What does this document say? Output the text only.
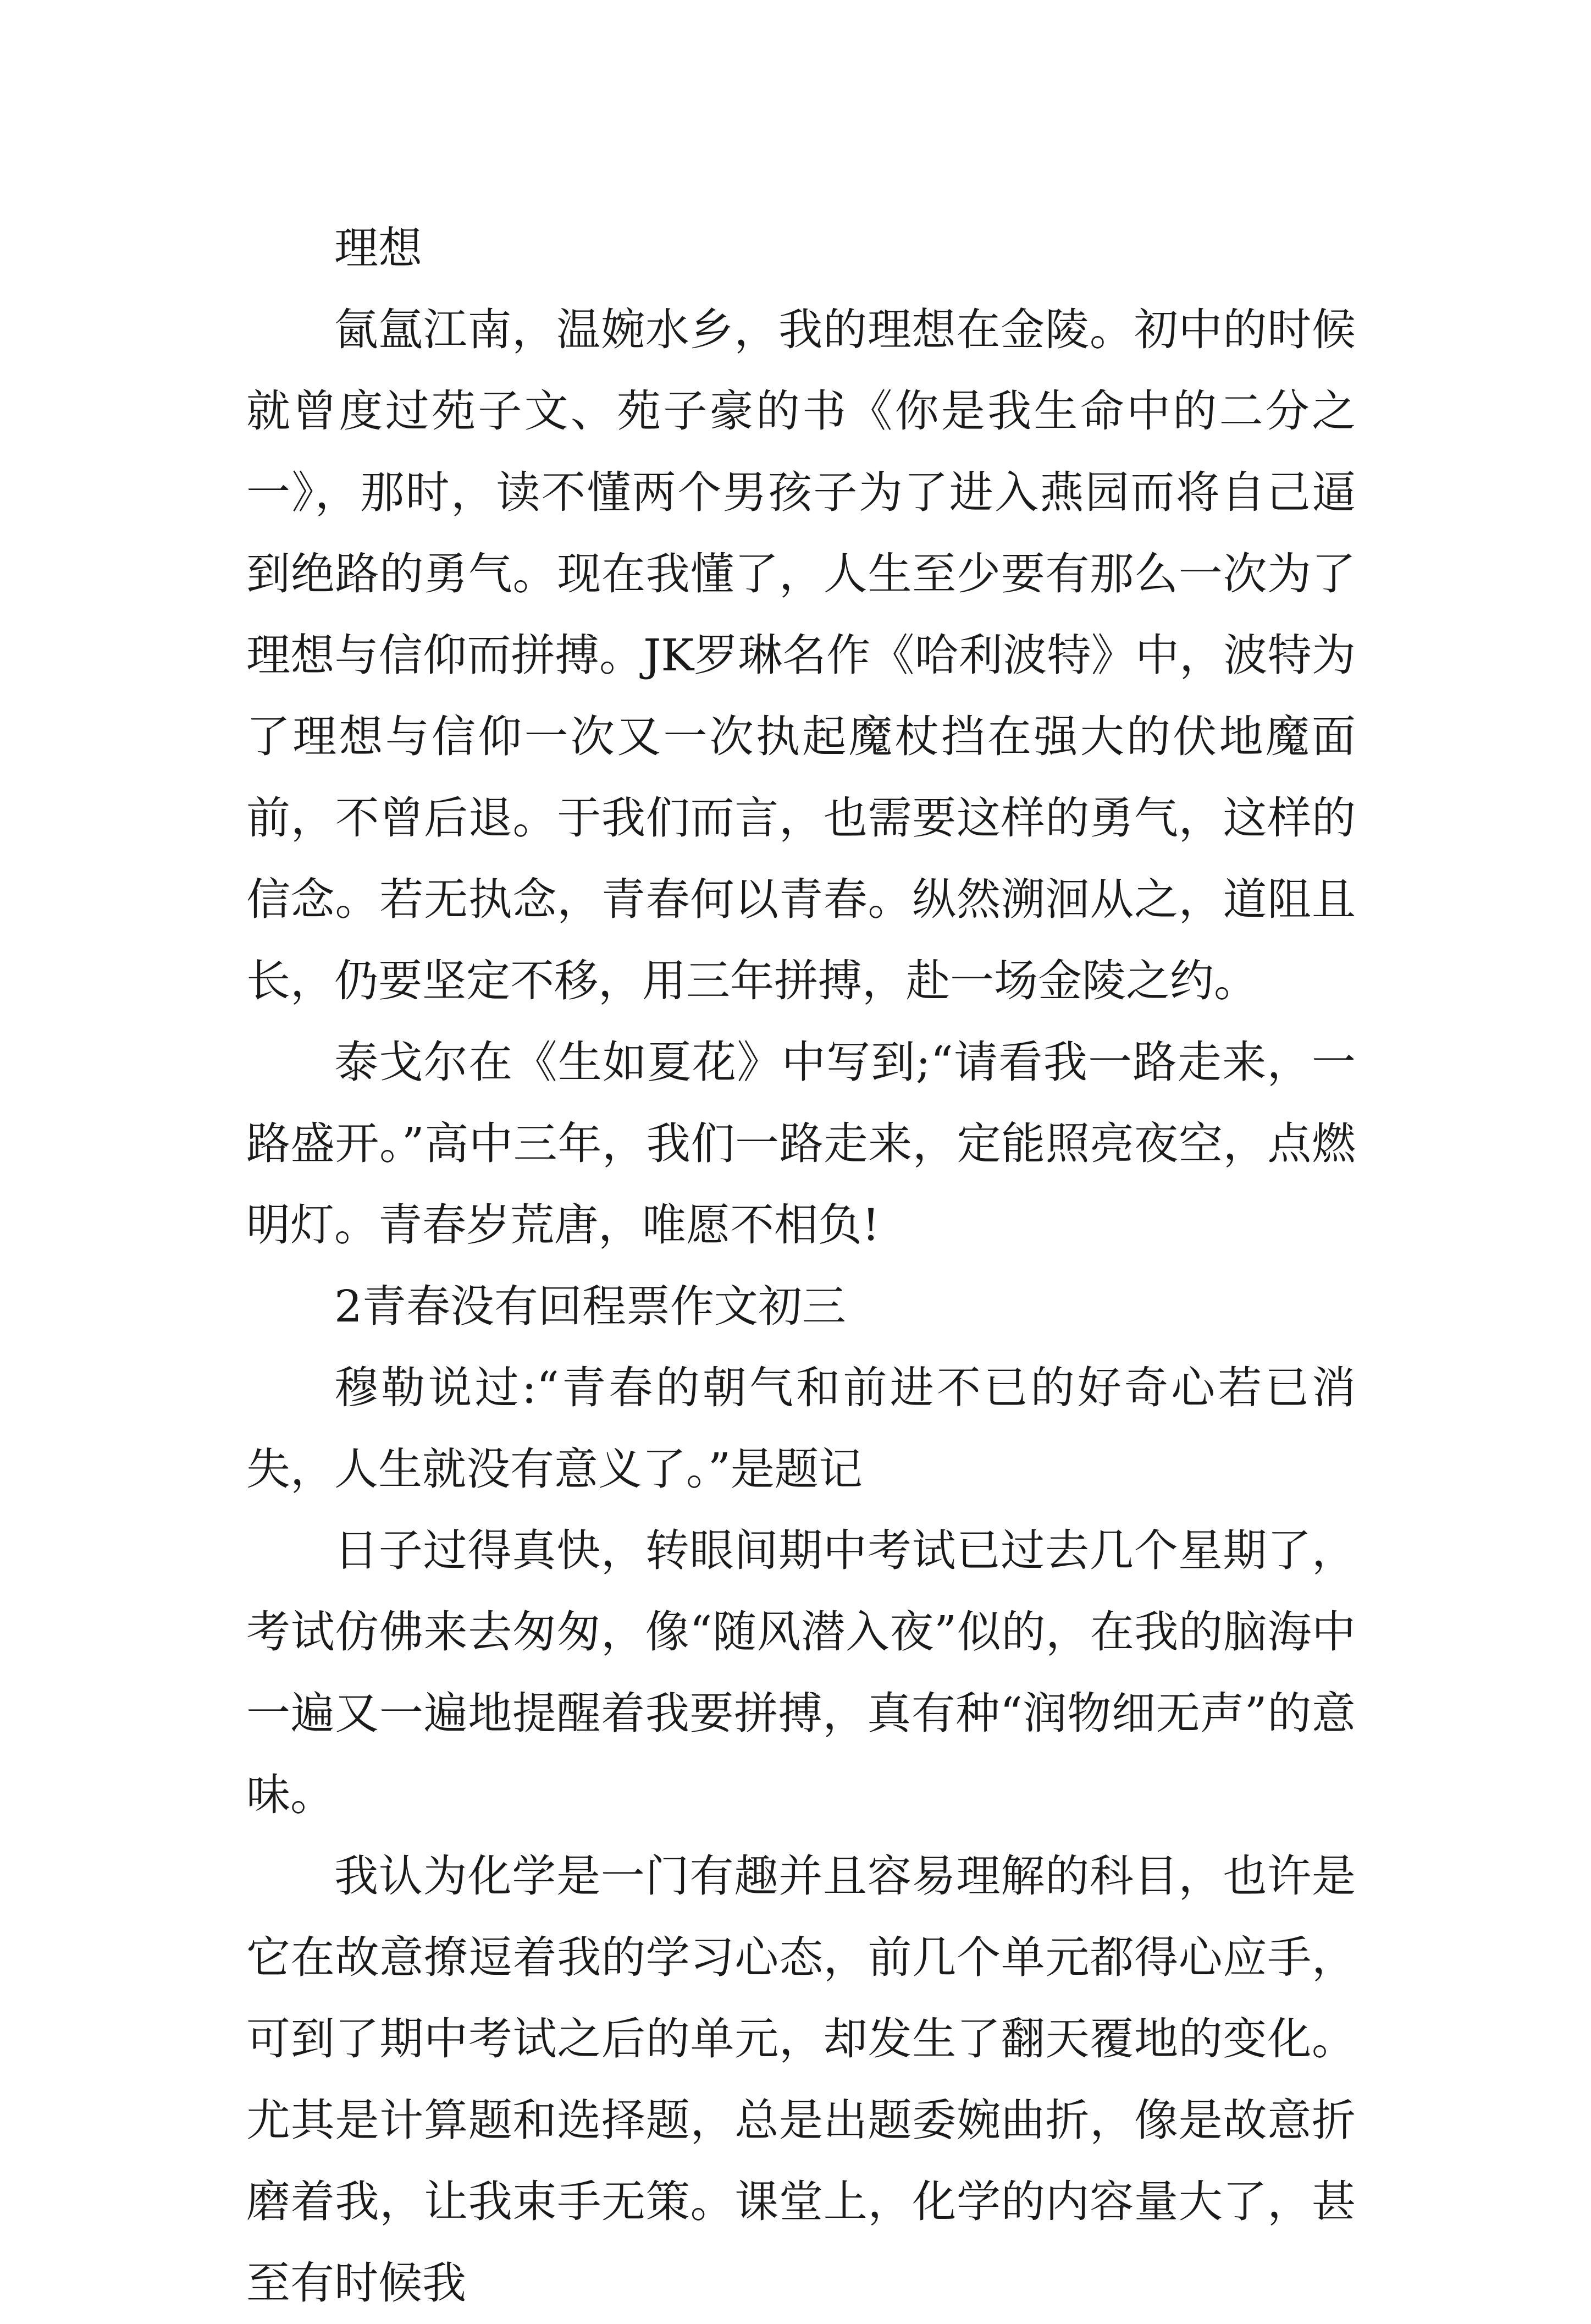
理想

氤氲江南，温婉水乡，我的理想在金陵。初中的时候就曾度过苑子文、苑子豪的书《你是我生命中的二分之一》，那时，读不懂两个男孩子为了进入燕园而将自己逼到绝路的勇气。现在我懂了，人生至少要有那么一次为了理想与信仰而拼搏。JK罗琳名作《哈利波特》中，波特为了理想与信仰一次又一次执起魔杖挡在强大的伏地魔面前，不曾后退。于我们而言，也需要这样的勇气，这样的信念。若无执念，青春何以青春。纵然溯洄从之，道阻且长，仍要坚定不移，用三年拼搏，赴一场金陵之约。

泰戈尔在《生如夏花》中写到;“请看我一路走来，一路盛开。”高中三年，我们一路走来，定能照亮夜空，点燃明灯。青春岁荒唐，唯愿不相负!

2青春没有回程票作文初三

穆勒说过:“青春的朝气和前进不已的好奇心若已消失，人生就没有意义了。”是题记

日子过得真快，转眼间期中考试已过去几个星期了，考试仿佛来去匆匆，像“随风潜入夜”似的，在我的脑海中一遍又一遍地提醒着我要拼搏，真有种“润物细无声”的意味。

我认为化学是一门有趣并且容易理解的科目，也许是它在故意撩逗着我的学习心态，前几个单元都得心应手，可到了期中考试之后的单元，却发生了翻天覆地的变化。尤其是计算题和选择题，总是出题委婉曲折，像是故意折磨着我，让我束手无策。课堂上，化学的内容量大了，甚至有时候我
